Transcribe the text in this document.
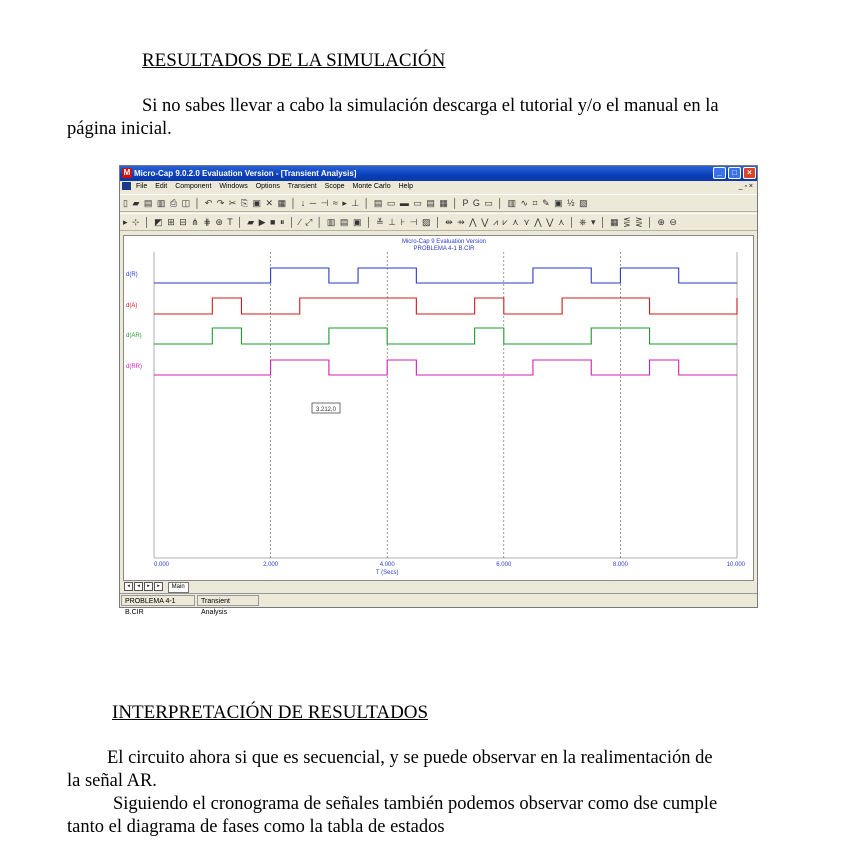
RESULTADOS DE LA SIMULACIÓN
Si no sabes llevar a cabo la simulación descarga el tutorial y/o el manual en la
página inicial.
M Micro-Cap 9.0.2.0 Evaluation Version - [Transient Analysis]	_	□	×
File Edit Component Windows Options Transient Scope Monte Carlo Help	_ ▫ ×
▯ ▰ ▤ ▥ ⎙ ◫ │ ↶ ↷ ✂ ⎘ ▣ ✕ ▦ │ ↓ ─ ⊣ ≈ ▸ ⊥ │ ▤ ▭ ▬ ▭ ▤ ▦ │ P G ▭ │ ▥ ∿ ⌗ ✎ ▣ ½ ▧
▸ ⊹ │ ◩ ⊞ ⊟ ⋔ ⋕ ⊛ T │ ▰ ▶ ■ ⏸ │ ∕ ⤢ │ ▥ ▤ ▣ │ ≚ ⊥ ⊦ ⊣ ▨ │ ⇹ ⇸ ⋀ ⋁ ⩘ ⩗ ⋏ ⋎ ⋀ ⋁ ⋏ │ ⎈ ▾ │ ▦ ⋚ ⋛ │ ⊕ ⊖
Micro-Cap 9 Evaluation Version
PROBLEMA 4-1 B.CIR
0.000	2.000	4.000	6.000	8.000	10.000
T (Secs)
d(R)
d(A)
d(AR)
d(RR)
3.212,0
◂ ◂ ▸ ▸ Main
PROBLEMA 4-1 B.CIR
Transient Analysis
INTERPRETACIÓN DE RESULTADOS
El circuito ahora si que es secuencial, y se puede observar en la realimentación de
la señal AR.
Siguiendo el cronograma de señales también podemos observar como dse cumple
tanto el diagrama de fases como la tabla de estados
